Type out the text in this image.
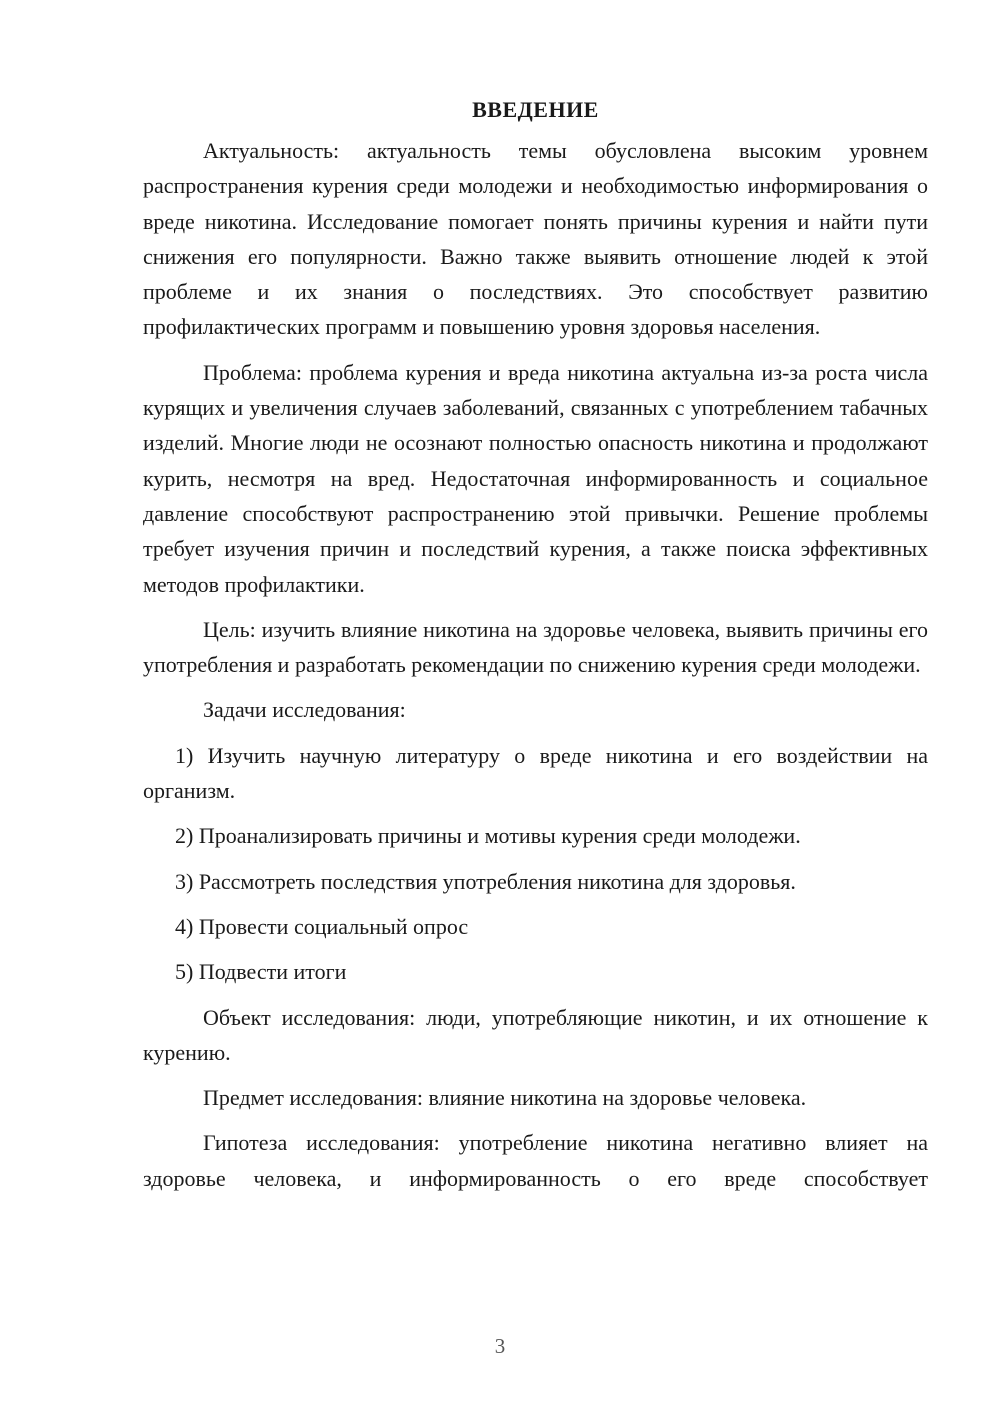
ВВЕДЕНИЕ

Актуальность: актуальность темы обусловлена высоким уровнем распространения курения среди молодежи и необходимостью информирования о вреде никотина. Исследование помогает понять причины курения и найти пути снижения его популярности. Важно также выявить отношение людей к этой проблеме и их знания о последствиях. Это способствует развитию профилактических программ и повышению уровня здоровья населения.

Проблема: проблема курения и вреда никотина актуальна из-за роста числа курящих и увеличения случаев заболеваний, связанных с употреблением табачных изделий. Многие люди не осознают полностью опасность никотина и продолжают курить, несмотря на вред. Недостаточная информированность и социальное давление способствуют распространению этой привычки. Решение проблемы требует изучения причин и последствий курения, а также поиска эффективных методов профилактики.

Цель: изучить влияние никотина на здоровье человека, выявить причины его употребления и разработать рекомендации по снижению курения среди молодежи.

Задачи исследования:

1) Изучить научную литературу о вреде никотина и его воздействии на организм.

2) Проанализировать причины и мотивы курения среди молодежи.

3) Рассмотреть последствия употребления никотина для здоровья.

4) Провести социальный опрос

5) Подвести итоги

Объект исследования: люди, употребляющие никотин, и их отношение к курению.

Предмет исследования: влияние никотина на здоровье человека.

Гипотеза исследования: употребление никотина негативно влияет на здоровье человека, и информированность о его вреде способствует

3
